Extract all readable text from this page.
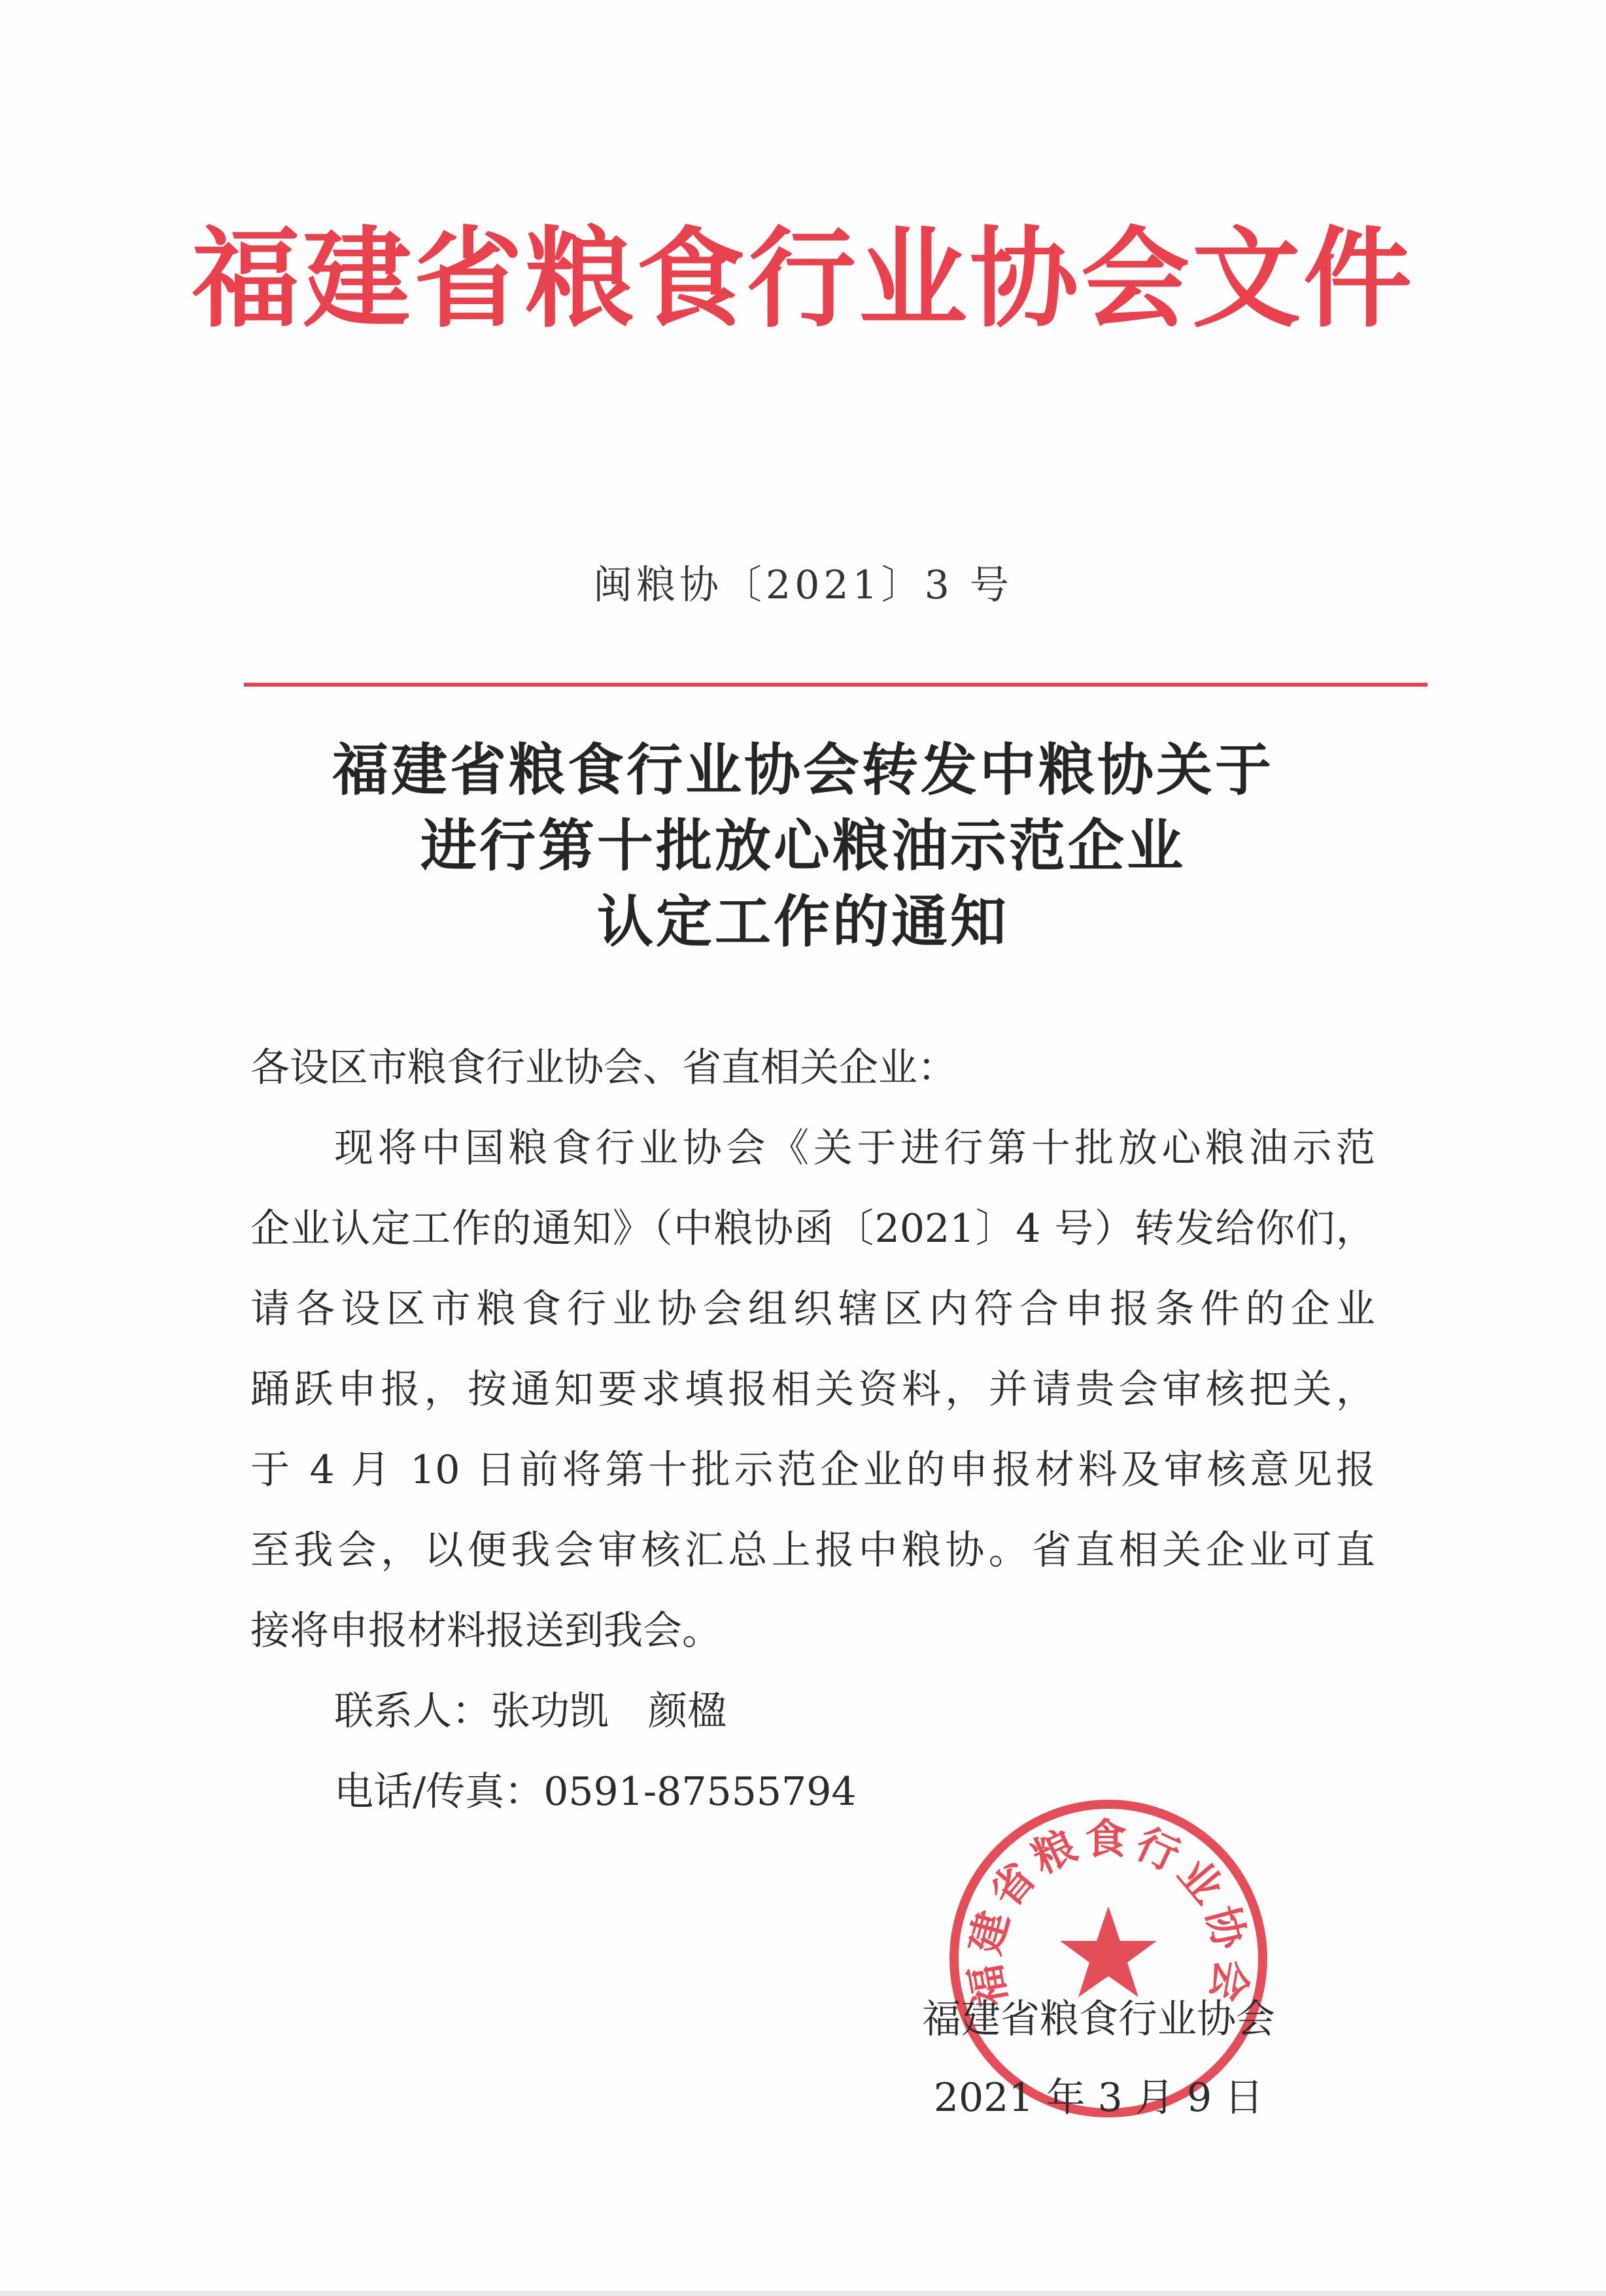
福建省粮食行业协会文件
闽粮协〔2021〕3 号
福建省粮食行业协会转发中粮协关于
进行第十批放心粮油示范企业
认定工作的通知
各设区市粮食行业协会、省直相关企业：
现将中国粮食行业协会《关于进行第十批放心粮油示范
企业认定工作的通知》（中粮协函〔2021〕4 号）转发给你们，
请各设区市粮食行业协会组织辖区内符合申报条件的企业
踊跃申报，按通知要求填报相关资料，并请贵会审核把关，
于 4 月 10 日前将第十批示范企业的申报材料及审核意见报
至我会，以便我会审核汇总上报中粮协。省直相关企业可直
接将申报材料报送到我会。
联系人：张功凯　颜楹
电话/传真：0591-87555794
福建省粮食行业协会
福建省粮食行业协会
2021 年 3 月 9 日
